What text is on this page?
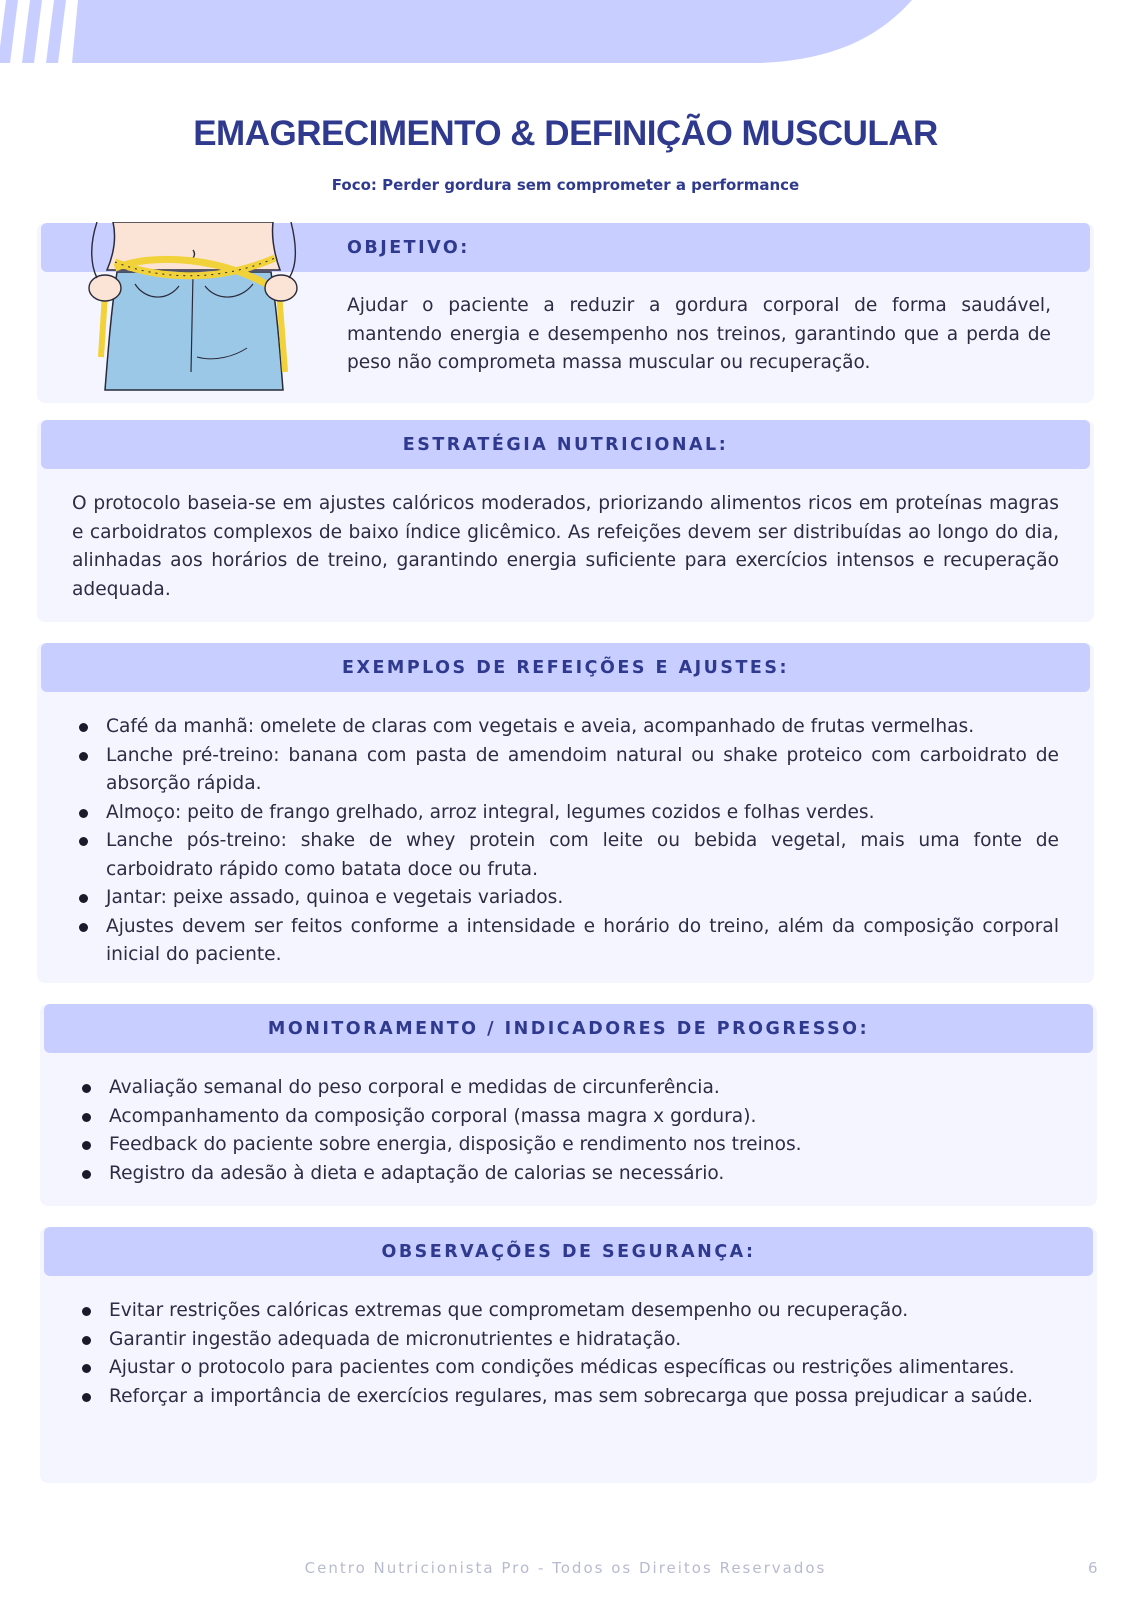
EMAGRECIMENTO & DEFINIÇÃO MUSCULAR
Foco: Perder gordura sem comprometer a performance
OBJETIVO:
Ajudar o paciente a reduzir a gordura corporal de forma saudável, mantendo energia e desempenho nos treinos, garantindo que a perda de peso não comprometa massa muscular ou recuperação.
ESTRATÉGIA NUTRICIONAL:
O protocolo baseia-se em ajustes calóricos moderados, priorizando alimentos ricos em proteínas magras e carboidratos complexos de baixo índice glicêmico. As refeições devem ser distribuídas ao longo do dia, alinhadas aos horários de treino, garantindo energia suficiente para exercícios intensos e recuperação adequada.
EXEMPLOS DE REFEIÇÕES E AJUSTES:
Café da manhã: omelete de claras com vegetais e aveia, acompanhado de frutas vermelhas.
Lanche pré-treino: banana com pasta de amendoim natural ou shake proteico com carboidrato de absorção rápida.
Almoço: peito de frango grelhado, arroz integral, legumes cozidos e folhas verdes.
Lanche pós-treino: shake de whey protein com leite ou bebida vegetal, mais uma fonte de carboidrato rápido como batata doce ou fruta.
Jantar: peixe assado, quinoa e vegetais variados.
Ajustes devem ser feitos conforme a intensidade e horário do treino, além da composição corporal inicial do paciente.
MONITORAMENTO / INDICADORES DE PROGRESSO:
Avaliação semanal do peso corporal e medidas de circunferência.
Acompanhamento da composição corporal (massa magra x gordura).
Feedback do paciente sobre energia, disposição e rendimento nos treinos.
Registro da adesão à dieta e adaptação de calorias se necessário.
OBSERVAÇÕES DE SEGURANÇA:
Evitar restrições calóricas extremas que comprometam desempenho ou recuperação.
Garantir ingestão adequada de micronutrientes e hidratação.
Ajustar o protocolo para pacientes com condições médicas específicas ou restrições alimentares.
Reforçar a importância de exercícios regulares, mas sem sobrecarga que possa prejudicar a saúde.
Centro Nutricionista Pro - Todos os Direitos Reservados	6
